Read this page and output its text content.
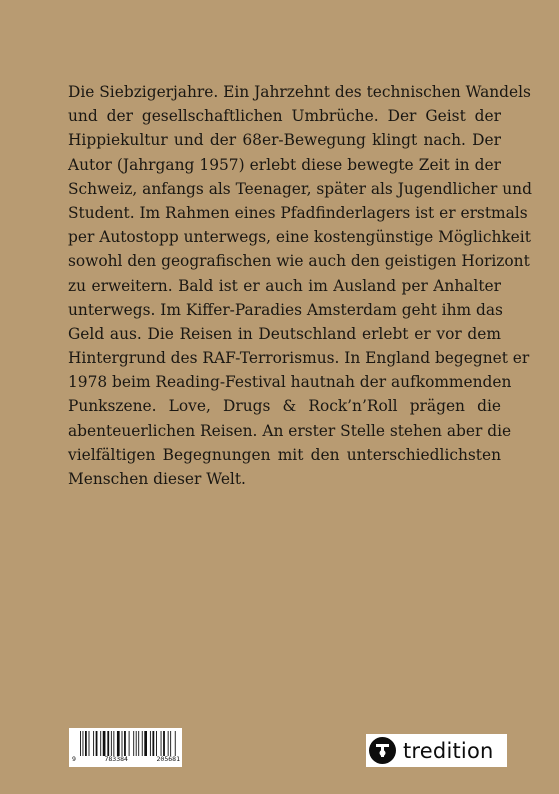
Die Siebzigerjahre. Ein Jahrzehnt des technischen Wandels
und der gesellschaftlichen Umbrüche. Der Geist der
Hippiekultur und der 68er-Bewegung klingt nach. Der
Autor (Jahrgang 1957) erlebt diese bewegte Zeit in der
Schweiz, anfangs als Teenager, später als Jugendlicher und
Student. Im Rahmen eines Pfadfinderlagers ist er erstmals
per Autostopp unterwegs, eine kostengünstige Möglichkeit
sowohl den geografischen wie auch den geistigen Horizont
zu erweitern. Bald ist er auch im Ausland per Anhalter
unterwegs. Im Kiffer-Paradies Amsterdam geht ihm das
Geld aus. Die Reisen in Deutschland erlebt er vor dem
Hintergrund des RAF-Terrorismus. In England begegnet er
1978 beim Reading-Festival hautnah der aufkommenden
Punkszene. Love, Drugs & Rock’n’Roll prägen die
abenteuerlichen Reisen. An erster Stelle stehen aber die
vielfältigen Begegnungen mit den unterschiedlichsten
Menschen dieser Welt.
9	783384	205681	tredition
